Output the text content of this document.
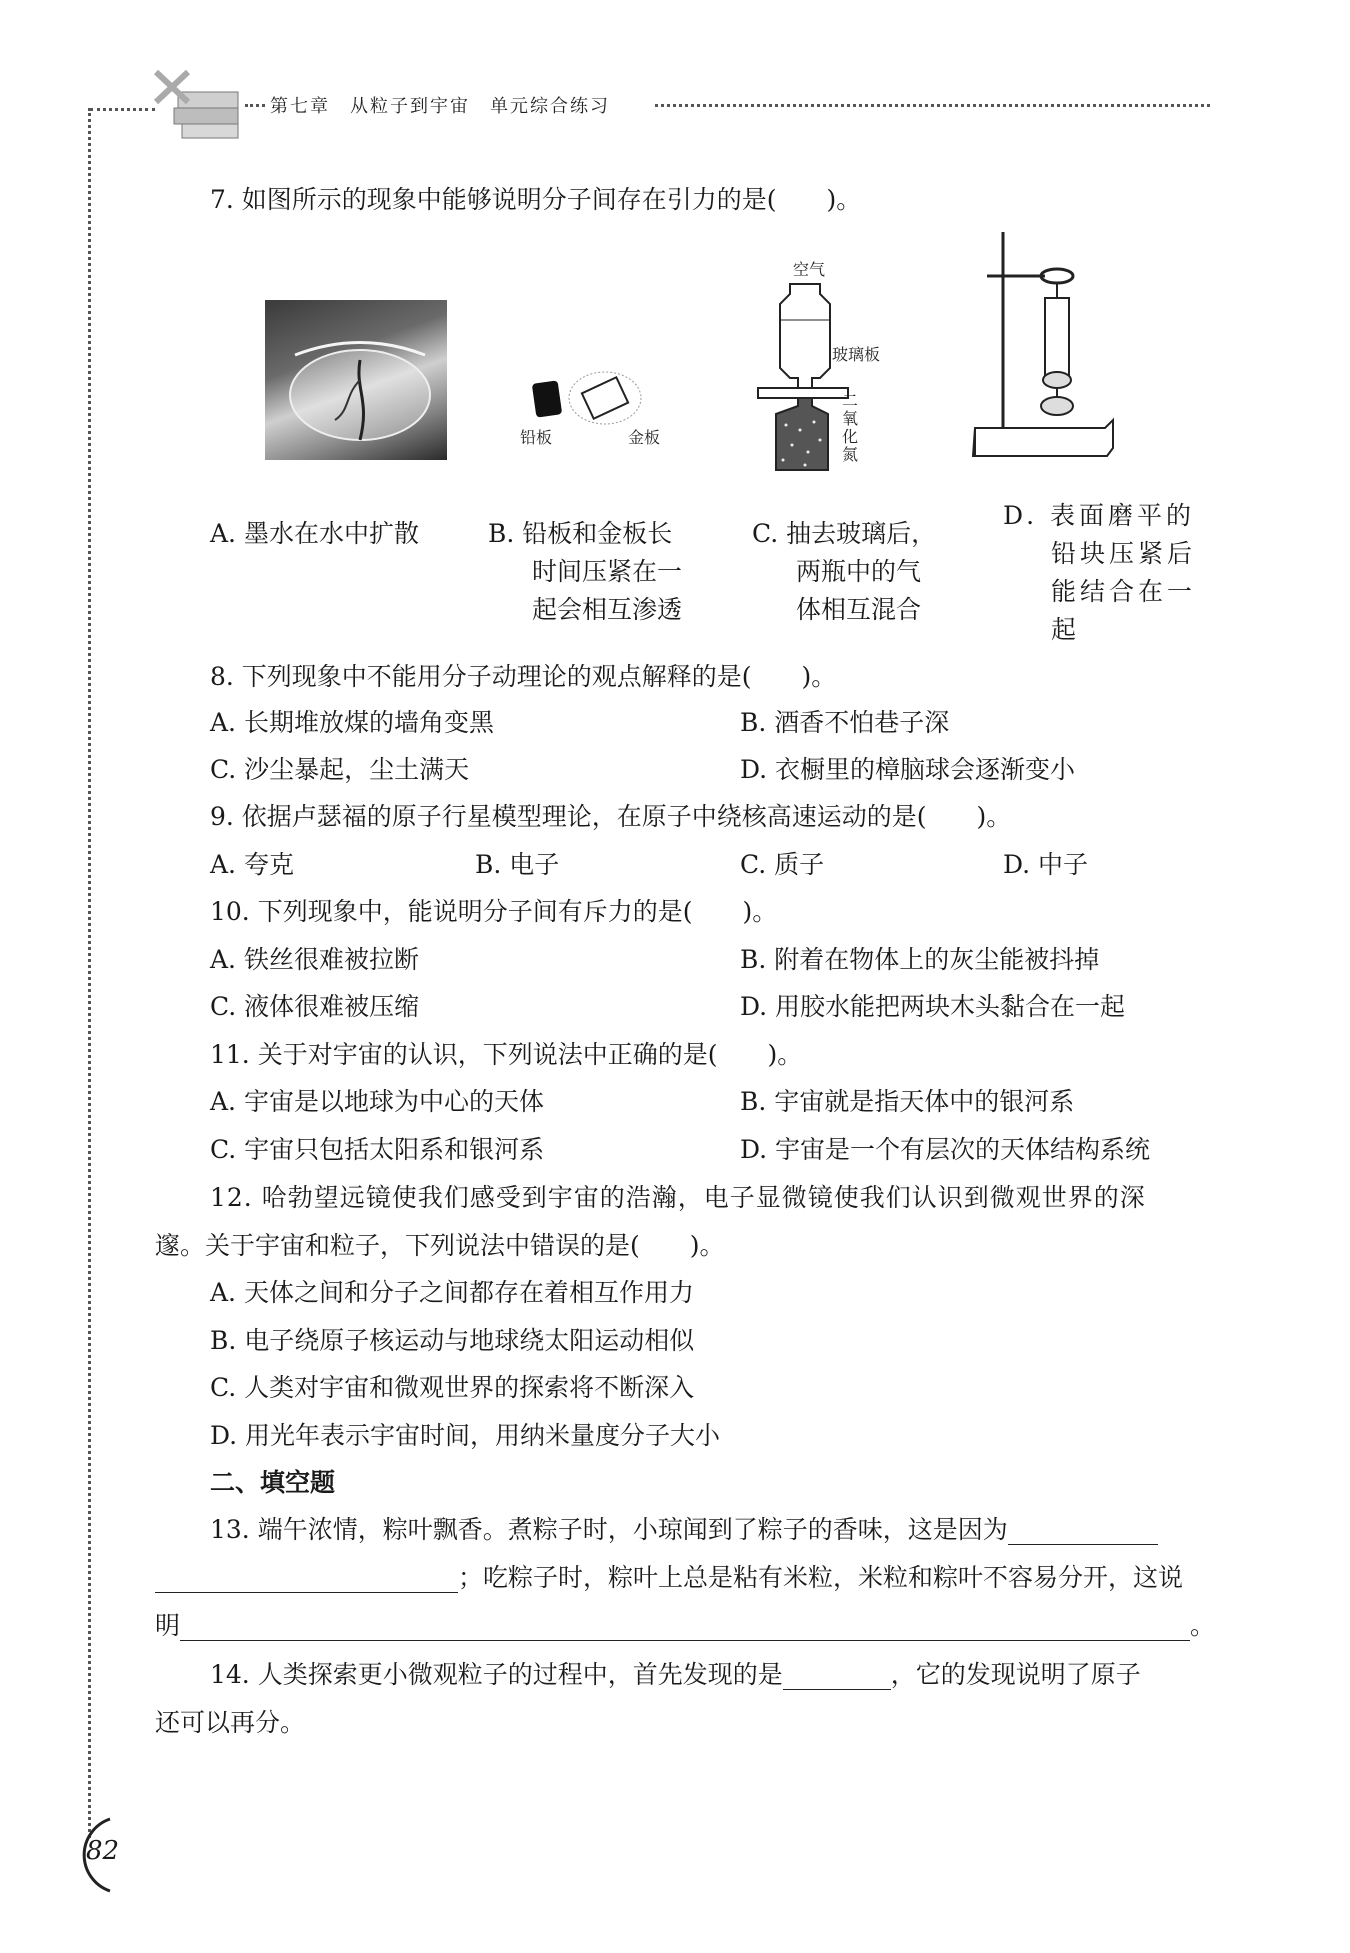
第七章　从粒子到宇宙　单元综合练习
7. 如图所示的现象中能够说明分子间存在引力的是(　　)。
铅板	金板
空气
玻璃板
二
氧
化
氮
A. 墨水在水中扩散	B. 铅板和金板长
时间压紧在一
起会相互渗透
C. 抽去玻璃后，
两瓶中的气
体相互混合
D. 表面磨平的
铅块压紧后
能结合在一
起
8. 下列现象中不能用分子动理论的观点解释的是(　　)。
A. 长期堆放煤的墙角变黑	B. 酒香不怕巷子深
C. 沙尘暴起，尘土满天	D. 衣橱里的樟脑球会逐渐变小
9. 依据卢瑟福的原子行星模型理论，在原子中绕核高速运动的是(　　)。
A. 夸克	B. 电子	C. 质子	D. 中子
10. 下列现象中，能说明分子间有斥力的是(　　)。
A. 铁丝很难被拉断	B. 附着在物体上的灰尘能被抖掉
C. 液体很难被压缩	D. 用胶水能把两块木头黏合在一起
11. 关于对宇宙的认识，下列说法中正确的是(　　)。
A. 宇宙是以地球为中心的天体	B. 宇宙就是指天体中的银河系
C. 宇宙只包括太阳系和银河系	D. 宇宙是一个有层次的天体结构系统
12. 哈勃望远镜使我们感受到宇宙的浩瀚，电子显微镜使我们认识到微观世界的深
邃。关于宇宙和粒子，下列说法中错误的是(　　)。
A. 天体之间和分子之间都存在着相互作用力
B. 电子绕原子核运动与地球绕太阳运动相似
C. 人类对宇宙和微观世界的探索将不断深入
D. 用光年表示宇宙时间，用纳米量度分子大小
二、填空题
13. 端午浓情，粽叶飘香。煮粽子时，小琼闻到了粽子的香味，这是因为
；吃粽子时，粽叶上总是粘有米粒，米粒和粽叶不容易分开，这说
明	。
14. 人类探索更小微观粒子的过程中，首先发现的是	，它的发现说明了原子
还可以再分。
82
